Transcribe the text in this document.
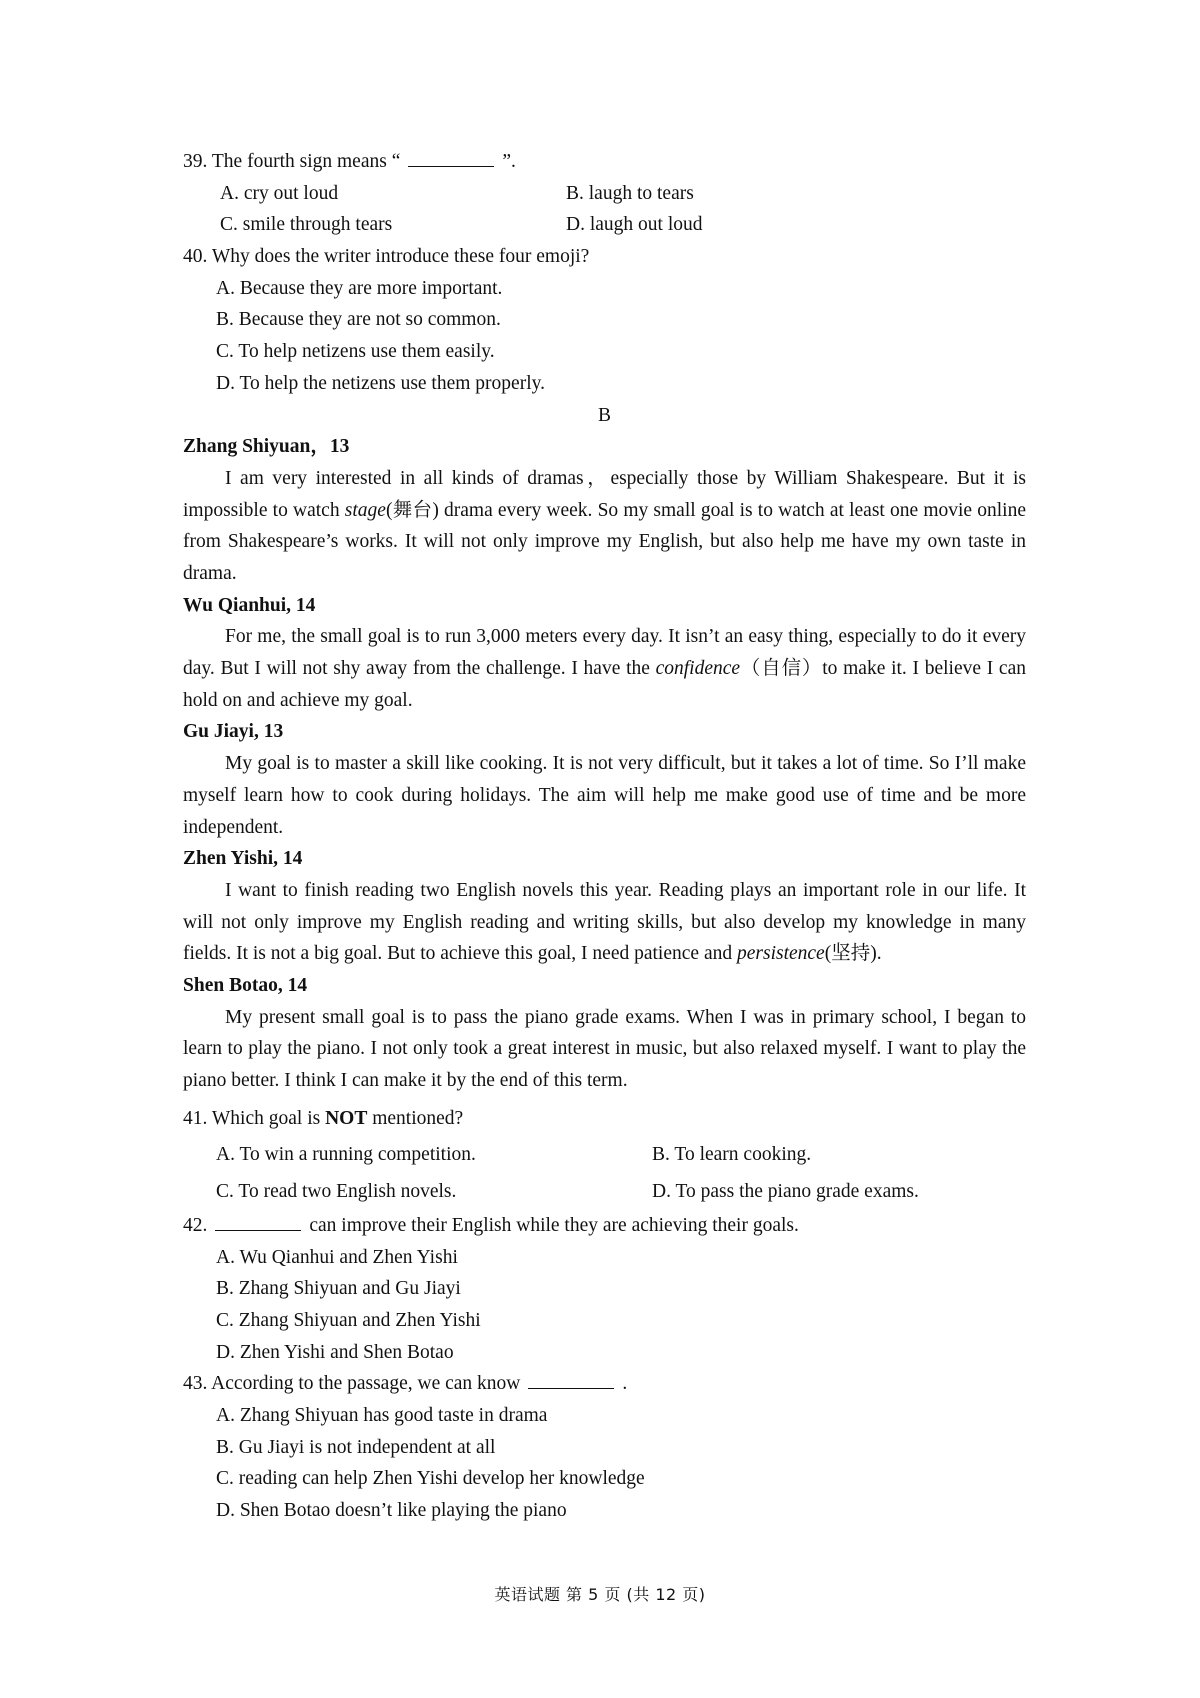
39. The fourth sign means “	”.

A. cry out loud	B. laugh to tears
C. smile through tears	D. laugh out loud

40. Why does the writer introduce these four emoji?

A. Because they are more important.

B. Because they are not so common.

C. To help netizens use them easily.

D. To help the netizens use them properly.

B

Zhang Shiyuan，13

I am very interested in all kinds of dramas，especially those by William Shakespeare. But it is impossible to watch stage(舞台) drama every week. So my small goal is to watch at least one movie online from Shakespeare’s works. It will not only improve my English, but also help me have my own taste in drama.

Wu Qianhui, 14

For me, the small goal is to run 3,000 meters every day. It isn’t an easy thing, especially to do it every day. But I will not shy away from the challenge. I have the confidence（自信）to make it. I believe I can hold on and achieve my goal.

Gu Jiayi, 13

My goal is to master a skill like cooking. It is not very difficult, but it takes a lot of time. So I’ll make myself learn how to cook during holidays. The aim will help me make good use of time and be more independent.

Zhen Yishi, 14

I want to finish reading two English novels this year. Reading plays an important role in our life. It will not only improve my English reading and writing skills, but also develop my knowledge in many fields. It is not a big goal. But to achieve this goal, I need patience and persistence(坚持).

Shen Botao, 14

My present small goal is to pass the piano grade exams. When I was in primary school, I began to learn to play the piano. I not only took a great interest in music, but also relaxed myself. I want to play the piano better. I think I can make it by the end of this term.

41. Which goal is NOT mentioned?

A. To win a running competition.	B. To learn cooking.
C. To read two English novels.	D. To pass the piano grade exams.

42.	can improve their English while they are achieving their goals.

A. Wu Qianhui and Zhen Yishi

B. Zhang Shiyuan and Gu Jiayi

C. Zhang Shiyuan and Zhen Yishi

D. Zhen Yishi and Shen Botao

43. According to the passage, we can know	.

A. Zhang Shiyuan has good taste in drama

B. Gu Jiayi is not independent at all

C. reading can help Zhen Yishi develop her knowledge

D. Shen Botao doesn’t like playing the piano

英语试题 第 5 页 (共 12 页)
